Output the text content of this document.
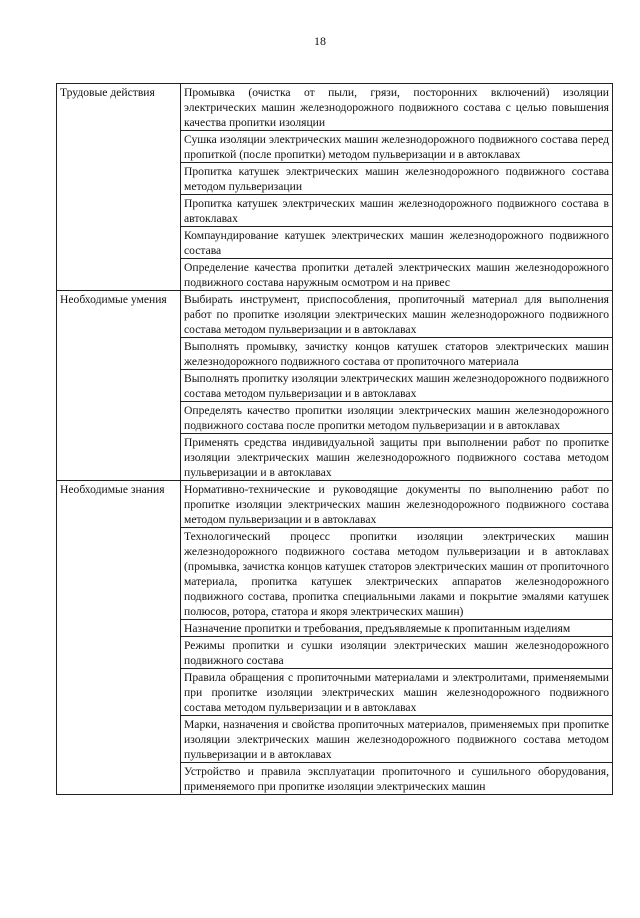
18
Трудовые действия	Промывка (очистка от пыли, грязи, посторонних включений) изоляции электрических машин железнодорожного подвижного состава с целью повышения качества пропитки изоляции
	Сушка изоляции электрических машин железнодорожного подвижного состава перед пропиткой (после пропитки) методом пульверизации и в автоклавах
	Пропитка катушек электрических машин железнодорожного подвижного состава методом пульверизации
	Пропитка катушек электрических машин железнодорожного подвижного состава в автоклавах
	Компаундирование катушек электрических машин железнодорожного подвижного состава
	Определение качества пропитки деталей электрических машин железнодорожного подвижного состава наружным осмотром и на привес
Необходимые умения	Выбирать инструмент, приспособления, пропиточный материал для выполнения работ по пропитке изоляции электрических машин железнодорожного подвижного состава методом пульверизации и в автоклавах
	Выполнять промывку, зачистку концов катушек статоров электрических машин железнодорожного подвижного состава от пропиточного материала
	Выполнять пропитку изоляции электрических машин железнодорожного подвижного состава методом пульверизации и в автоклавах
	Определять качество пропитки изоляции электрических машин железнодорожного подвижного состава после пропитки методом пульверизации и в автоклавах
	Применять средства индивидуальной защиты при выполнении работ по пропитке изоляции электрических машин железнодорожного подвижного состава методом пульверизации и в автоклавах
Необходимые знания	Нормативно-технические и руководящие документы по выполнению работ по пропитке изоляции электрических машин железнодорожного подвижного состава методом пульверизации и в автоклавах
	Технологический процесс пропитки изоляции электрических машин железнодорожного подвижного состава методом пульверизации и в автоклавах (промывка, зачистка концов катушек статоров электрических машин от пропиточного материала, пропитка катушек электрических аппаратов железнодорожного подвижного состава, пропитка специальными лаками и покрытие эмалями катушек полюсов, ротора, статора и якоря электрических машин)
	Назначение пропитки и требования, предъявляемые к пропитанным изделиям
	Режимы пропитки и сушки изоляции электрических машин железнодорожного подвижного состава
	Правила обращения с пропиточными материалами и электролитами, применяемыми при пропитке изоляции электрических машин железнодорожного подвижного состава методом пульверизации и в автоклавах
	Марки, назначения и свойства пропиточных материалов, применяемых при пропитке изоляции электрических машин железнодорожного подвижного состава методом пульверизации и в автоклавах
	Устройство и правила эксплуатации пропиточного и сушильного оборудования, применяемого при пропитке изоляции электрических машин
